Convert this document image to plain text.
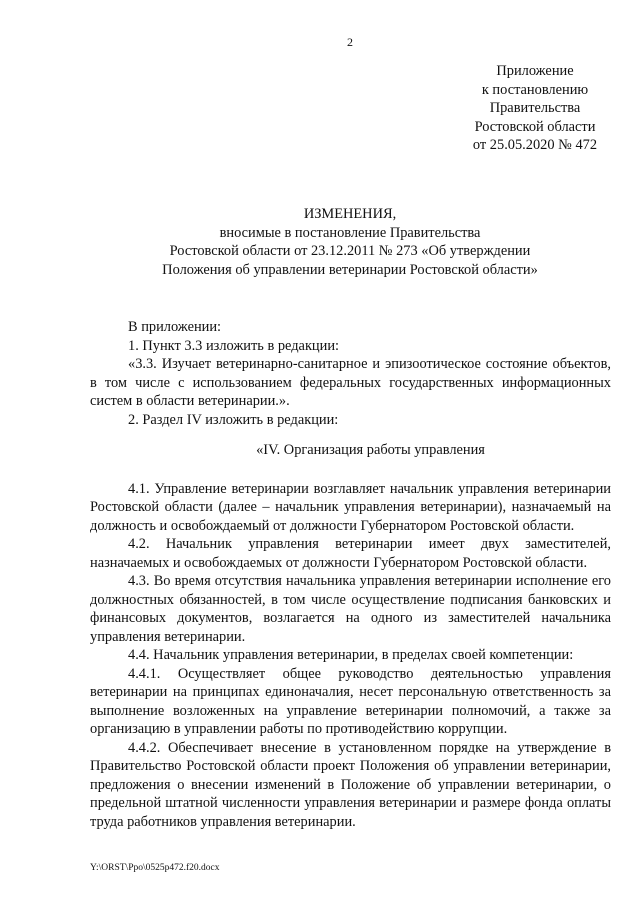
2
Приложение
к постановлению
Правительства
Ростовской области
от 25.05.2020 № 472
ИЗМЕНЕНИЯ,
вносимые в постановление Правительства
Ростовской области от 23.12.2011 № 273 «Об утверждении
Положения об управлении ветеринарии Ростовской области»

В приложении:

1. Пункт 3.3 изложить в редакции:

«3.3. Изучает ветеринарно-санитарное и эпизоотическое состояние объектов, в том числе с использованием федеральных государственных информационных систем в области ветеринарии.».

2. Раздел IV изложить в редакции:

«IV. Организация работы управления

4.1. Управление ветеринарии возглавляет начальник управления ветеринарии Ростовской области (далее – начальник управления ветеринарии), назначаемый на должность и освобождаемый от должности Губернатором Ростовской области.

4.2. Начальник управления ветеринарии имеет двух заместителей, назначаемых и освобождаемых от должности Губернатором Ростовской области.

4.3. Во время отсутствия начальника управления ветеринарии исполнение его должностных обязанностей, в том числе осуществление подписания банковских и финансовых документов, возлагается на одного из заместителей начальника управления ветеринарии.

4.4. Начальник управления ветеринарии, в пределах своей компетенции:

4.4.1. Осуществляет общее руководство деятельностью управления ветеринарии на принципах единоначалия, несет персональную ответственность за выполнение возложенных на управление ветеринарии полномочий, а также за организацию в управлении работы по противодействию коррупции.

4.4.2. Обеспечивает внесение в установленном порядке на утверждение в Правительство Ростовской области проект Положения об управлении ветеринарии, предложения о внесении изменений в Положение об управлении ветеринарии, о предельной штатной численности управления ветеринарии и размере фонда оплаты труда работников управления ветеринарии.

Y:\ORST\Ppo\0525p472.f20.docx
